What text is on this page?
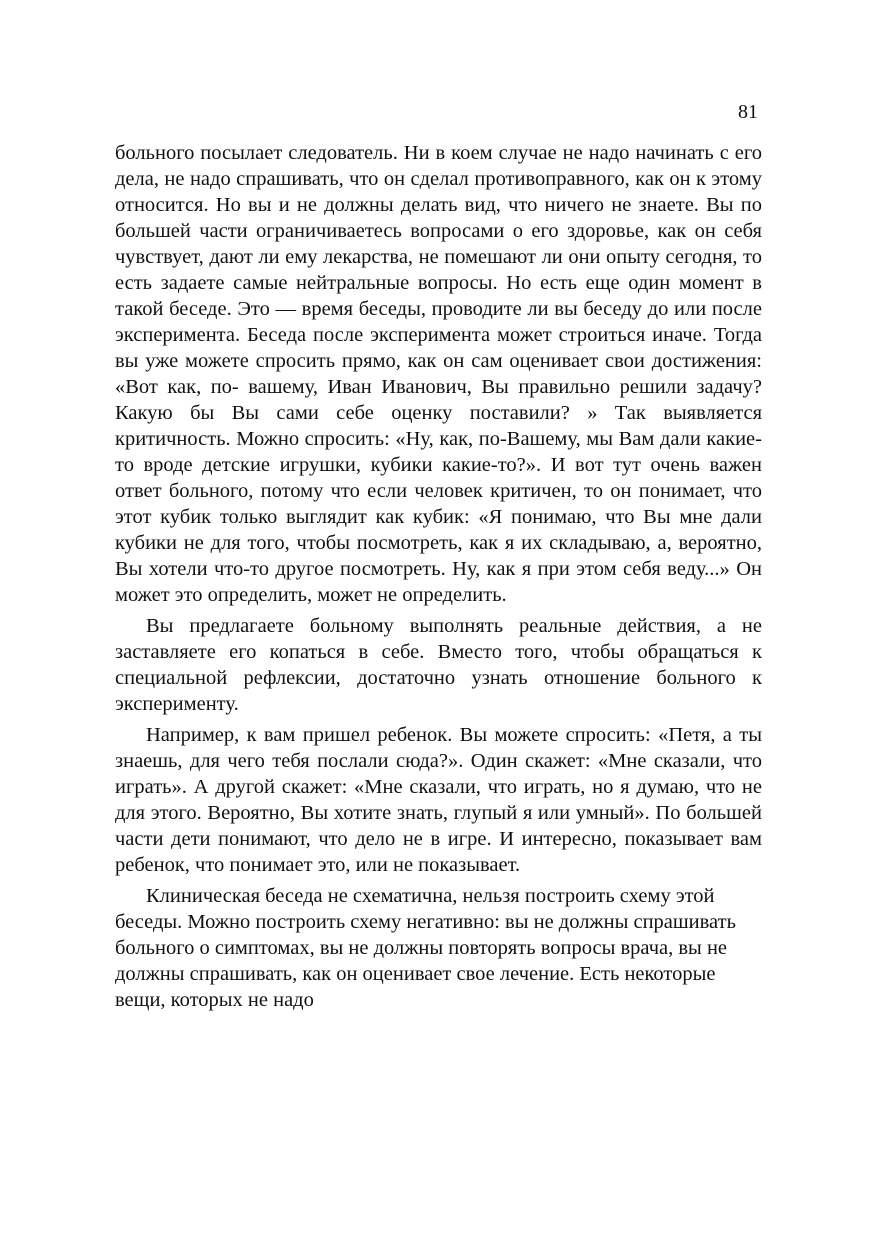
81

больного посылает следователь. Ни в коем случае не надо начинать с его дела, не надо спрашивать, что он сделал противоправного, как он к этому относится. Но вы и не должны делать вид, что ничего не знаете. Вы по большей части ограничиваетесь вопросами о его здоровье, как он себя чувствует, дают ли ему лекарства, не помешают ли они опыту сегодня, то есть задаете самые нейтральные вопросы. Но есть еще один момент в такой беседе. Это — время беседы, проводите ли вы беседу до или после эксперимента. Беседа после эксперимента может строиться иначе. Тогда вы уже можете спросить прямо, как он сам оценивает свои достижения: «Вот как, по- вашему, Иван Иванович, Вы правильно решили задачу? Какую бы Вы сами себе оценку поставили? » Так выявляется критичность. Можно спросить: «Ну, как, по-Вашему, мы Вам дали какие-то вроде детские игрушки, кубики какие-то?». И вот тут очень важен ответ больного, потому что если человек критичен, то он понимает, что этот кубик только выглядит как кубик: «Я понимаю, что Вы мне дали кубики не для того, чтобы посмотреть, как я их складываю, а, вероятно, Вы хотели что-то другое посмотреть. Ну, как я при этом себя веду...» Он может это определить, может не определить.

Вы предлагаете больному выполнять реальные действия, а не заставляете его копаться в себе. Вместо того, чтобы обращаться к специальной рефлексии, достаточно узнать отношение больного к эксперименту.

Например, к вам пришел ребенок. Вы можете спросить: «Петя, а ты знаешь, для чего тебя послали сюда?». Один скажет: «Мне сказали, что играть». А другой скажет: «Мне сказали, что играть, но я думаю, что не для этого. Вероятно, Вы хотите знать, глупый я или умный». По большей части дети понимают, что дело не в игре. И интересно, показывает вам ребенок, что понимает это, или не показывает.

Клиническая беседа не схематична, нельзя построить схему этой беседы. Можно построить схему негативно: вы не должны спрашивать больного о симптомах, вы не должны повторять вопросы врача, вы не должны спрашивать, как он оценивает свое лечение. Есть некоторые вещи, которых не надо
